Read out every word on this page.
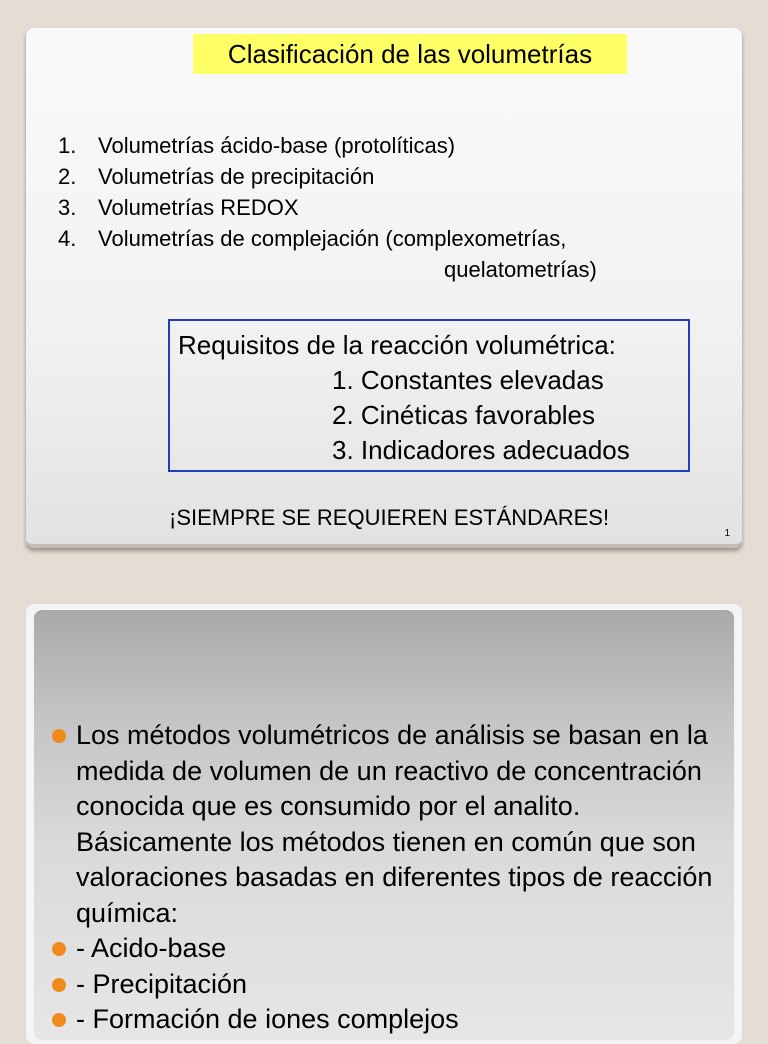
Clasificación de las volumetrías
1. Volumetrías ácido-base (protolíticas)
2. Volumetrías de precipitación
3. Volumetrías REDOX
4. Volumetrías de complejación (complexometrías,
quelatometrías)
Requisitos de la reacción volumétrica:
1. Constantes elevadas
2. Cinéticas favorables
3. Indicadores adecuados
¡SIEMPRE SE REQUIEREN ESTÁNDARES!
1
Los métodos volumétricos de análisis se basan en la medida de volumen de un reactivo de concentración conocida que es consumido por el analito. Básicamente los métodos tienen en común que son valoraciones basadas en diferentes tipos de reacción química:
- Acido-base
- Precipitación
- Formación de iones complejos
